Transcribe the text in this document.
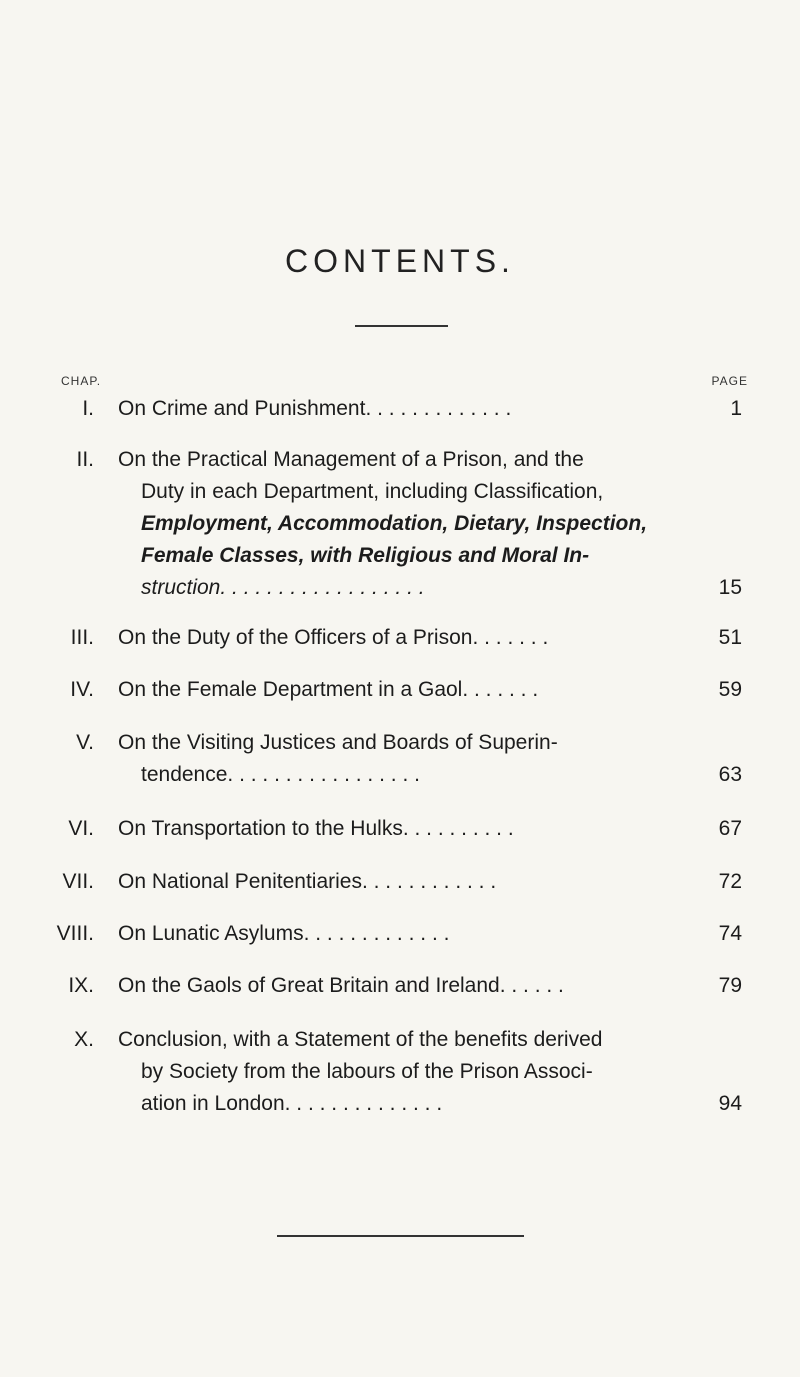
CONTENTS.
CHAP.	PAGE
I. On Crime and Punishment. . . . . . . . . . . . .	1
II. On the Practical Management of a Prison, and the
Duty in each Department, including Classification,
Employment, Accommodation, Dietary, Inspection,
Female Classes, with Religious and Moral In-
struction. . . . . . . . . . . . . . . . . .	15
III. On the Duty of the Officers of a Prison. . . . . . .	51
IV. On the Female Department in a Gaol. . . . . . .	59
V. On the Visiting Justices and Boards of Superin-
tendence. . . . . . . . . . . . . . . . .	63
VI. On Transportation to the Hulks. . . . . . . . . .	67
VII. On National Penitentiaries. . . . . . . . . . . .	72
VIII. On Lunatic Asylums. . . . . . . . . . . . .	74
IX. On the Gaols of Great Britain and Ireland. . . . . .	79
X. Conclusion, with a Statement of the benefits derived
by Society from the labours of the Prison Associ-
ation in London. . . . . . . . . . . . . .	94
